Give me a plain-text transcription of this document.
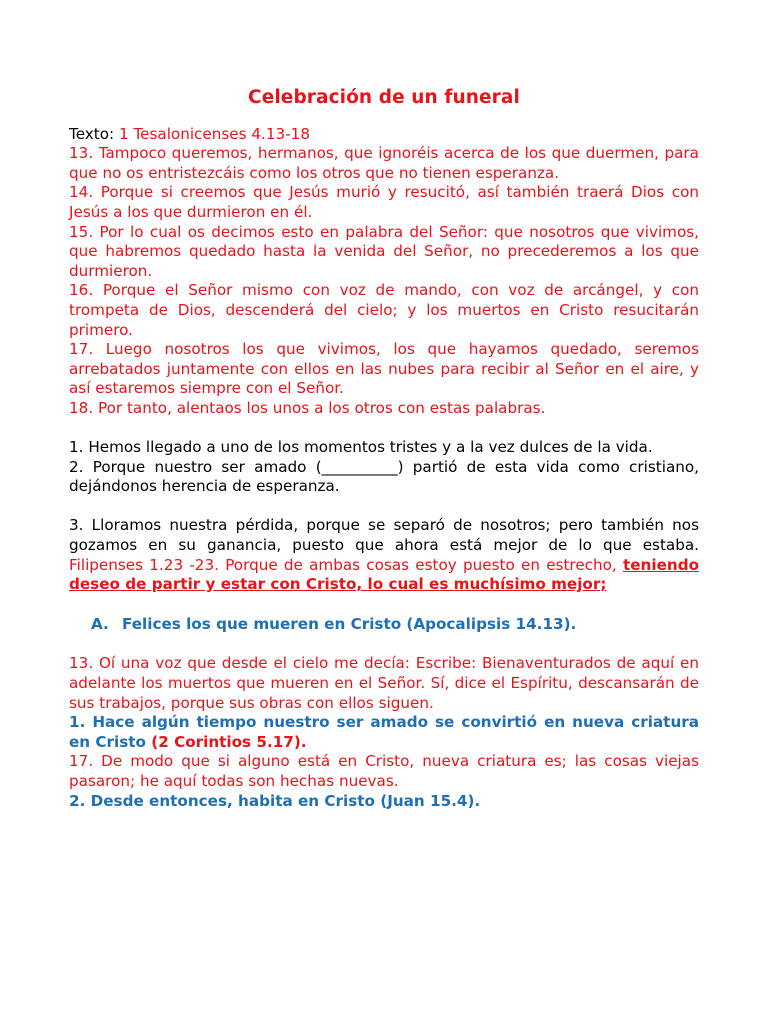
Celebración de un funeral

Texto: 1 Tesalonicenses 4.13-18

13. Tampoco queremos, hermanos, que ignoréis acerca de los que duermen, para que no os entristezcáis como los otros que no tienen esperanza.

14. Porque si creemos que Jesús murió y resucitó, así también traerá Dios con Jesús a los que durmieron en él.

15. Por lo cual os decimos esto en palabra del Señor: que nosotros que vivimos, que habremos quedado hasta la venida del Señor, no precederemos a los que durmieron.

16. Porque el Señor mismo con voz de mando, con voz de arcángel, y con trompeta de Dios, descenderá del cielo; y los muertos en Cristo resucitarán primero.

17. Luego nosotros los que vivimos, los que hayamos quedado, seremos arrebatados juntamente con ellos en las nubes para recibir al Señor en el aire, y así estaremos siempre con el Señor.

18. Por tanto, alentaos los unos a los otros con estas palabras.

1. Hemos llegado a uno de los momentos tristes y a la vez dulces de la vida.

2. Porque nuestro ser amado (__________) partió de esta vida como cristiano, dejándonos herencia de esperanza.

3. Lloramos nuestra pérdida, porque se separó de nosotros; pero también nos gozamos en su ganancia, puesto que ahora está mejor de lo que estaba. Filipenses 1.23 -23. Porque de ambas cosas estoy puesto en estrecho, teniendo deseo de partir y estar con Cristo, lo cual es muchísimo mejor;

A. Felices los que mueren en Cristo (Apocalipsis 14.13).

13. Oí una voz que desde el cielo me decía: Escribe: Bienaventurados de aquí en adelante los muertos que mueren en el Señor. Sí, dice el Espíritu, descansarán de sus trabajos, porque sus obras con ellos siguen.

1. Hace algún tiempo nuestro ser amado se convirtió en nueva criatura en Cristo (2 Corintios 5.17).

17. De modo que si alguno está en Cristo, nueva criatura es; las cosas viejas pasaron; he aquí todas son hechas nuevas.

2. Desde entonces, habita en Cristo (Juan 15.4).
